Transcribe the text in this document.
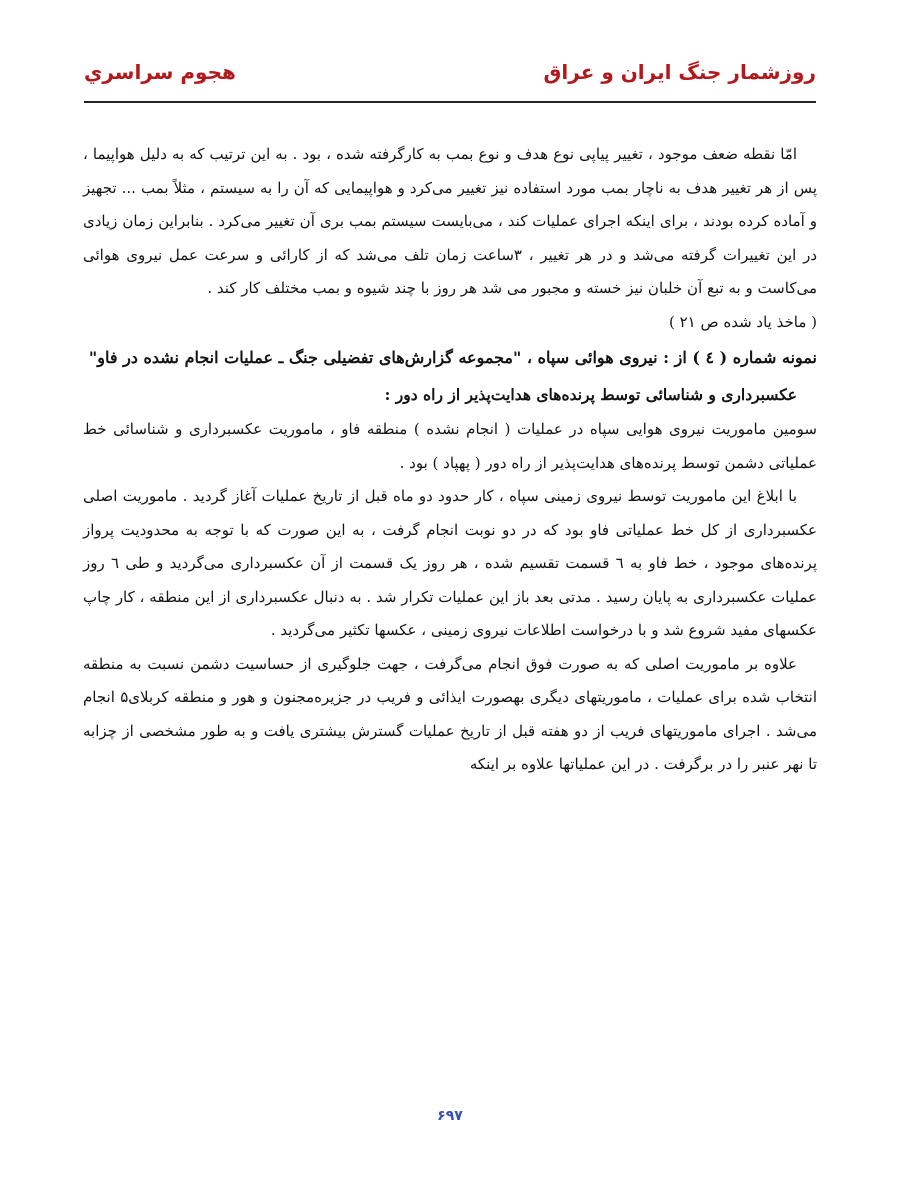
روزشمار جنگ ایران و عراق
هجوم سراسري

امّا نقطه ضعف موجود ، تغییر پیاپی نوع هدف و نوع بمب به کارگرفته شده ، بود . به این ترتیب که به دلیل هواپیما ، پس از هر تغییر هدف به ناچار بمب مورد استفاده نیز تغییر می‌کرد و هواپیمایی که آن را به سیستم ، مثلاً بمب ... تجهیز و آماده کرده بودند ، برای اینکه اجرای عملیات کند ، می‌بایست سیستم بمب بری آن تغییر می‌کرد . بنابراین زمان زیادی در این تغییرات گرفته می‌شد و در هر تغییر ، ۳ساعت زمان تلف می‌شد که از کارائی و سرعت عمل نیروی هوائی می‌کاست و به تبع آن خلبان نیز خسته و مجبور می شد هر روز با چند شیوه و بمب مختلف کار کند .

( ماخذ یاد شده ص ۲۱ )

نمونه شماره ( ٤ ) از : نیروی هوائی سپاه ، "مجموعه گزارش‌های تفضیلی جنگ ـ عملیات انجام نشده در فاو"

عکسبرداری و شناسائی توسط پرنده‌های هدایت‌پذیر از راه دور :

سومین ماموریت نیروی هوایی سپاه در عملیات ( انجام نشده ) منطقه فاو ، ماموریت عکسبرداری و شناسائی خط عملیاتی دشمن توسط پرنده‌های هدایت‌پذیر از راه دور ( پهپاد ) بود .

با ابلاغ این ماموریت توسط نیروی زمینی سپاه ، کار حدود دو ماه قبل از تاریخ عملیات آغاز گردید . ماموریت اصلی عکسبرداری از کل خط عملیاتی فاو بود که در دو نوبت انجام گرفت ، به این صورت که با توجه به محدودیت پرواز پرنده‌های موجود ، خط فاو به ٦ قسمت تقسیم شده ، هر روز یک قسمت از آن عکسبرداری می‌گردید و طی ٦ روز عملیات عکسبرداری به پایان رسید . مدتی بعد باز این عملیات تکرار شد . به دنبال عکسبرداری از این منطقه ، کار چاپ عکسهای مفید شروع شد و با درخواست اطلاعات نیروی زمینی ، عکسها تکثیر می‌گردید .

علاوه بر ماموریت اصلی که به صورت فوق انجام می‌گرفت ، جهت جلوگیری از حساسیت دشمن نسبت به منطقه انتخاب شده برای عملیات ، ماموریتهای دیگری بهصورت ایذائی و فریب در جزیره‌مجنون و هور و منطقه کربلای۵ انجام می‌شد . اجرای ماموریتهای فریب از دو هفته قبل از تاریخ عملیات گسترش بیشتری یافت و به طور مشخصی از چزابه تا نهر عنبر را در برگرفت . در این عملیاتها علاوه بر اینکه

۶۹۷
